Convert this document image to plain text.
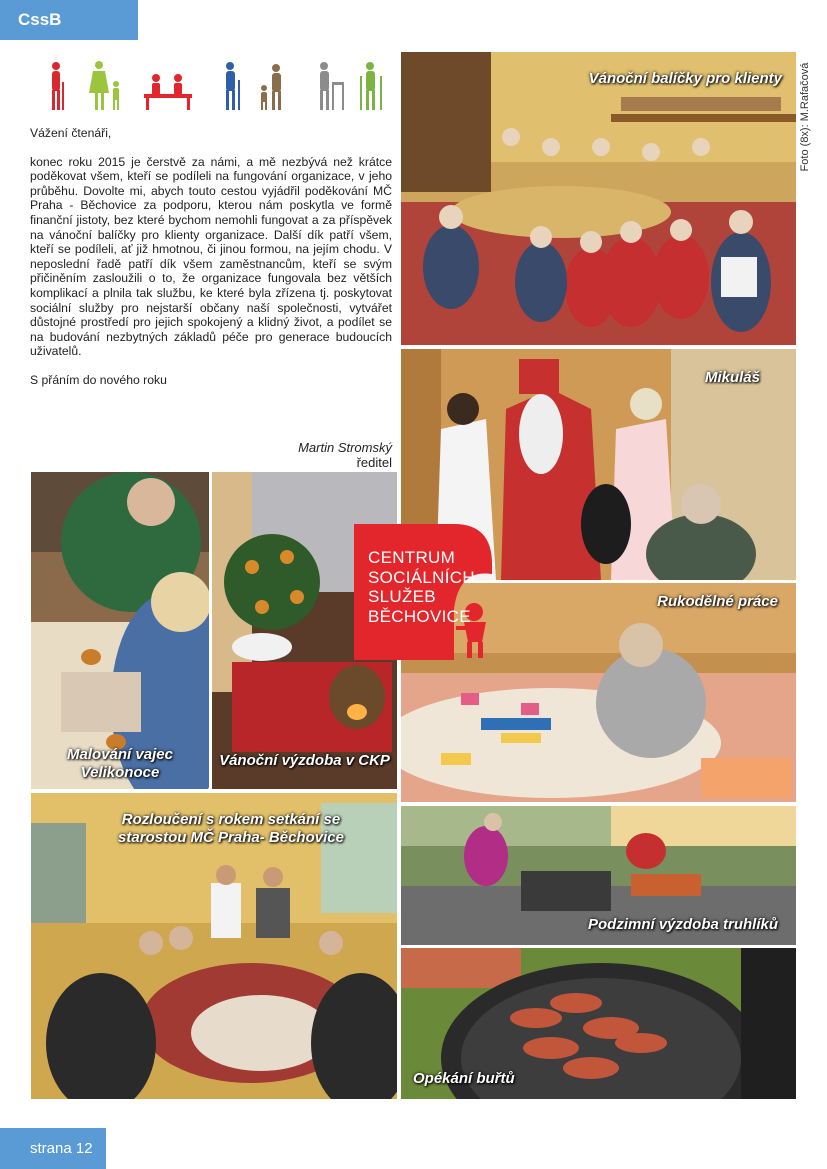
CssB

Vážení čtenáři,

konec roku 2015 je čerstvě za námi, a mě nezbývá než krátce poděkovat všem, kteří se podíleli na fungování organizace, v jeho průběhu. Dovolte mi, abych touto cestou vyjádřil poděkování MČ Praha - Běchovice za podporu, kterou nám poskytla ve formě finanční jistoty, bez které bychom nemohli fungovat a za příspěvek na vánoční balíčky pro klienty organizace. Další dík patří všem, kteří se podíleli, ať již hmotnou, či jinou formou, na jejím chodu. V neposlední řadě patří dík všem zaměstnancům, kteří se svým přičiněním zasloužili o to, že organizace fungovala bez větších komplikací a plnila tak službu, ke které byla zřízena tj. poskytovat sociální služby pro nejstarší občany naší společnosti, vytvářet důstojné prostředí pro jejich spokojený a klidný život, a podílet se na budování nezbytných základů péče pro generace budoucích uživatelů.

S přáním do nového roku

Martin Stromský
ředitel
Foto (8x): M.Rafačová
Vánoční balíčky pro klienty
Mikuláš
Rukodělné práce
Malování vajec Velikonoce
Vánoční výzdoba v CKP
CENTRUM
SOCIÁLNÍCH
SLUŽEB
BĚCHOVICE
Rozloučení s rokem setkání se starostou MČ Praha- Běchovice
Podzimní výzdoba truhlíků
Opékání buřtů
strana 12
